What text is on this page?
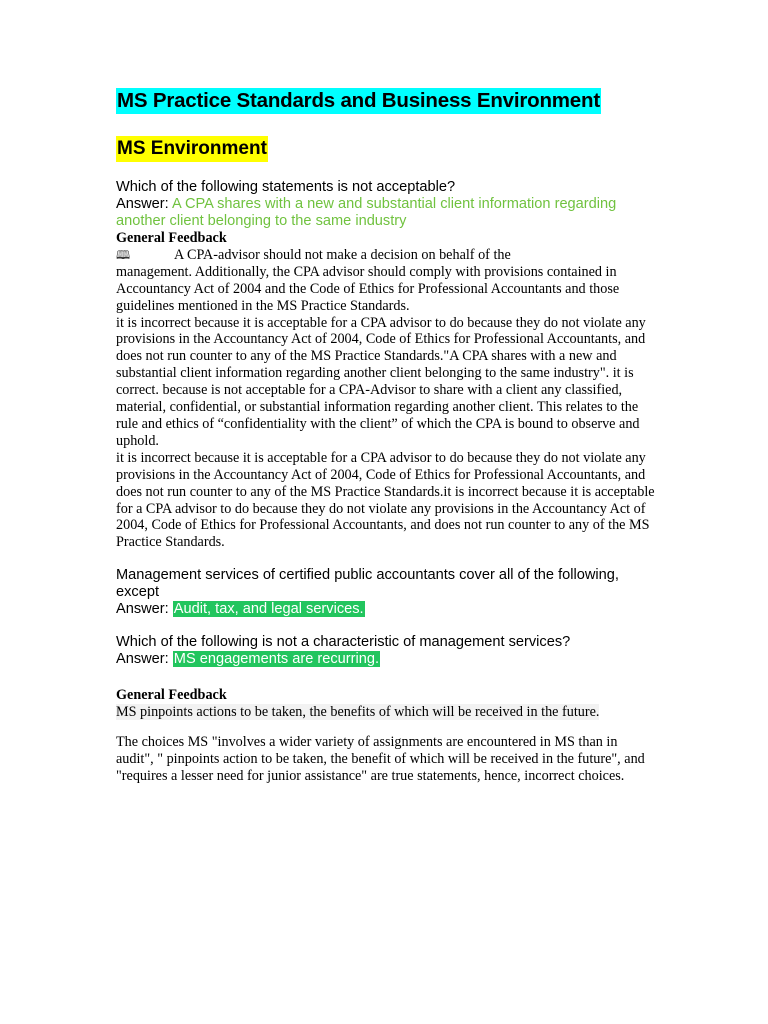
MS Practice Standards and Business Environment
MS Environment

Which of the following statements is not acceptable?

Answer: A CPA shares with a new and substantial client information regarding another client belonging to the same industry

General Feedback

🕮	A CPA-advisor should not make a decision on behalf of the

management. Additionally, the CPA advisor should comply with provisions contained in Accountancy Act of 2004 and the Code of Ethics for Professional Accountants and those guidelines mentioned in the MS Practice Standards.

it is incorrect because it is acceptable for a CPA advisor to do because they do not violate any provisions in the Accountancy Act of 2004, Code of Ethics for Professional Accountants, and does not run counter to any of the MS Practice Standards."A CPA shares with a new and substantial client information regarding another client belonging to the same industry". it is correct. because is not acceptable for a CPA-Advisor to share with a client any classified, material, confidential, or substantial information regarding another client. This relates to the rule and ethics of “confidentiality with the client” of which the CPA is bound to observe and uphold.

it is incorrect because it is acceptable for a CPA advisor to do because they do not violate any provisions in the Accountancy Act of 2004, Code of Ethics for Professional Accountants, and does not run counter to any of the MS Practice Standards.it is incorrect because it is acceptable for a CPA advisor to do because they do not violate any provisions in the Accountancy Act of 2004, Code of Ethics for Professional Accountants, and does not run counter to any of the MS Practice Standards.

Management services of certified public accountants cover all of the following, except

Answer: Audit, tax, and legal services.

Which of the following is not a characteristic of management services?

Answer: MS engagements are recurring.

General Feedback

MS pinpoints actions to be taken, the benefits of which will be received in the future.

The choices MS "involves a wider variety of assignments are encountered in MS than in audit", " pinpoints action to be taken, the benefit of which will be received in the future", and "requires a lesser need for junior assistance" are true statements, hence, incorrect choices.
